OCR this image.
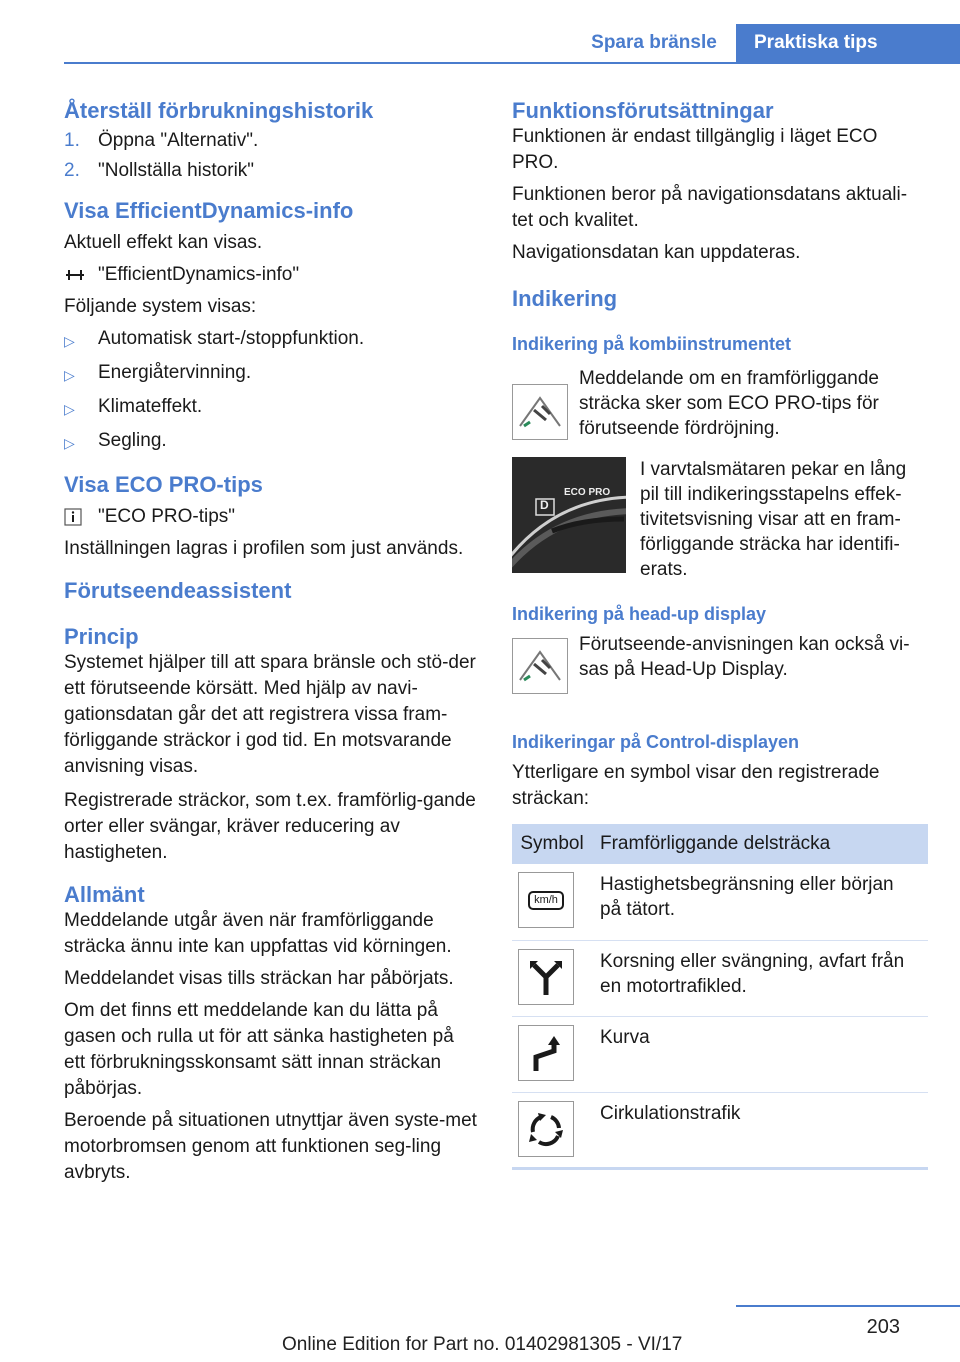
Spara bränsle	Praktiska tips
Återställ förbrukningshistorik
1. Öppna "Alternativ".
2. "Nollställa historik"
Visa EfficientDynamics-info

Aktuell effekt kan visas.

"EfficientDynamics-info"

Följande system visas:

▷	Automatisk start-/stoppfunktion.
▷	Energiåtervinning.
▷	Klimateffekt.
▷	Segling.
Visa ECO PRO-tips
"ECO PRO-tips"

Inställningen lagras i profilen som just används.

Förutseendeassistent
Princip

Systemet hjälper till att spara bränsle och stö-der ett förutseende körsätt. Med hjälp av navi-gationsdatan går det att registrera vissa fram-förliggande sträckor i god tid. En motsvarande anvisning visas.

Registrerade sträckor, som t.ex. framförlig-gande orter eller svängar, kräver reducering av hastigheten.

Allmänt

Meddelande utgår även när framförliggande sträcka ännu inte kan uppfattas vid körningen.

Meddelandet visas tills sträckan har påbörjats.

Om det finns ett meddelande kan du lätta på gasen och rulla ut för att sänka hastigheten på ett förbrukningsskonsamt sätt innan sträckan påbörjas.

Beroende på situationen utnyttjar även syste-met motorbromsen genom att funktionen seg-ling avbryts.

Funktionsförutsättningar

Funktionen är endast tillgänglig i läget ECO PRO.

Funktionen beror på navigationsdatans aktuali-tet och kvalitet.

Navigationsdatan kan uppdateras.

Indikering
Indikering på kombiinstrumentet

Meddelande om en framförliggande sträcka sker som ECO PRO-tips för förutseende fördröjning.

D
ECO PRO

I varvtalsmätaren pekar en lång pil till indikeringsstapelns effek-tivitetsvisning visar att en fram-förliggande sträcka har identifi-erats.

Indikering på head-up display

Förutseende-anvisningen kan också vi-sas på Head-Up Display.

Indikeringar på Control-displayen

Ytterligare en symbol visar den registrerade sträckan:

Symbol	Framförliggande delsträcka

km/h	Hastighetsbegränsning eller början på tätort.

	Korsning eller svängning, avfart från en motortrafikled.

	Kurva

	Cirkulationstrafik
203
Online Edition for Part no. 01402981305 - VI/17
